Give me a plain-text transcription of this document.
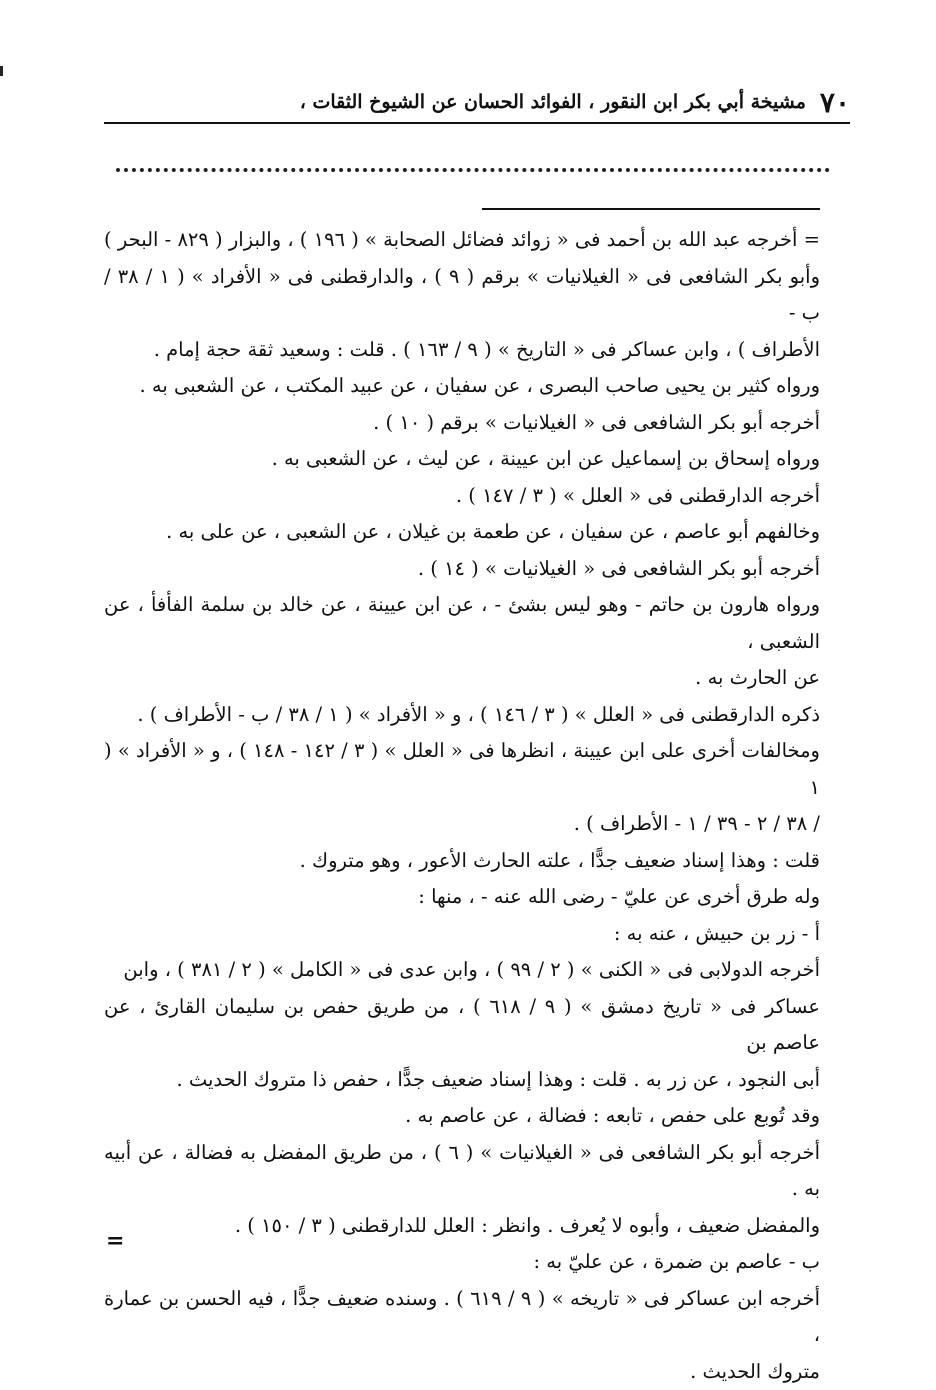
٧٠
مشيخة أبي بكر ابن النقور ، الفوائد الحسان عن الشيوخ الثقات ،

= أخرجه عبد الله بن أحمد فى « زوائد فضائل الصحابة » ( ١٩٦ ) ، والبزار ( ٨٢٩ - البحر )

وأبو بكر الشافعى فى « الغيلانيات » برقم ( ٩ ) ، والدارقطنى فى « الأفراد » ( ١ / ٣٨ / ب -

الأطراف ) ، وابن عساكر فى « التاريخ » ( ٩ / ١٦٣ ) . قلت : وسعيد ثقة حجة إمام .

ورواه كثير بن يحيى صاحب البصرى ، عن سفيان ، عن عبيد المكتب ، عن الشعبى به .

أخرجه أبو بكر الشافعى فى « الغيلانيات » برقم ( ١٠ ) .

ورواه إسحاق بن إسماعيل عن ابن عيينة ، عن ليث ، عن الشعبى به .

أخرجه الدارقطنى فى « العلل » ( ٣ / ١٤٧ ) .

وخالفهم أبو عاصم ، عن سفيان ، عن طعمة بن غيلان ، عن الشعبى ، عن على به .

أخرجه أبو بكر الشافعى فى « الغيلانيات » ( ١٤ ) .

ورواه هارون بن حاتم - وهو ليس بشئ - ، عن ابن عيينة ، عن خالد بن سلمة الفأفأ ، عن الشعبى ،

عن الحارث به .

ذكره الدارقطنى فى « العلل » ( ٣ / ١٤٦ ) ، و « الأفراد » ( ١ / ٣٨ / ب - الأطراف ) .

ومخالفات أخرى على ابن عيينة ، انظرها فى « العلل » ( ٣ / ١٤٢ - ١٤٨ ) ، و « الأفراد » ( ١

/ ٣٨ / ٢ - ٣٩ / ١ - الأطراف ) .

قلت : وهذا إسناد ضعيف جدًّا ، علته الحارث الأعور ، وهو متروك .

وله طرق أخرى عن عليّ - رضى الله عنه - ، منها :

أ - زر بن حبيش ، عنه به :

أخرجه الدولابى فى « الكنى » ( ٢ / ٩٩ ) ، وابن عدى فى « الكامل » ( ٢ / ٣٨١ ) ، وابن

عساكر فى « تاريخ دمشق » ( ٩ / ٦١٨ ) ، من طريق حفص بن سليمان القارئ ، عن عاصم بن

أبى النجود ، عن زر به . قلت : وهذا إسناد ضعيف جدًّا ، حفص ذا متروك الحديث .

وقد تُوبع على حفص ، تابعه : فضالة ، عن عاصم به .

أخرجه أبو بكر الشافعى فى « الغيلانيات » ( ٦ ) ، من طريق المفضل به فضالة ، عن أبيه به .

والمفضل ضعيف ، وأبوه لا يُعرف . وانظر : العلل للدارقطنى ( ٣ / ١٥٠ ) .

ب - عاصم بن ضمرة ، عن عليّ به :

أخرجه ابن عساكر فى « تاريخه » ( ٩ / ٦١٩ ) . وسنده ضعيف جدًّا ، فيه الحسن بن عمارة ،

متروك الحديث .

=
